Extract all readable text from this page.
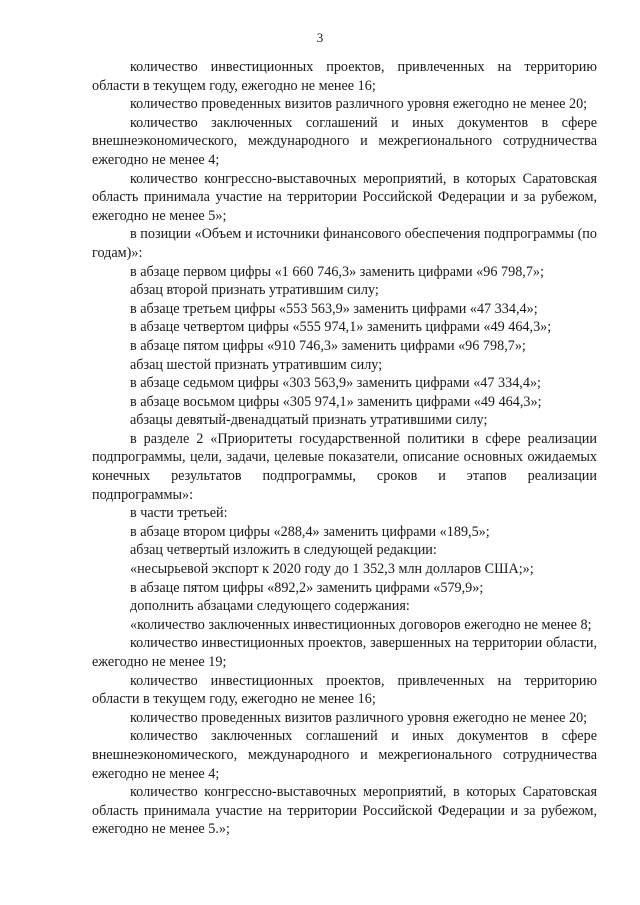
3

количество инвестиционных проектов, привлеченных на территорию области в текущем году, ежегодно не менее 16;

количество проведенных визитов различного уровня ежегодно не менее 20;

количество заключенных соглашений и иных документов в сфере внешнеэкономического, международного и межрегионального сотрудничества ежегодно не менее 4;

количество конгрессно-выставочных мероприятий, в которых Саратовская область принимала участие на территории Российской Федерации и за рубежом, ежегодно не менее 5»;

в позиции «Объем и источники финансового обеспечения подпрограммы (по годам)»:

в абзаце первом цифры «1 660 746,3» заменить цифрами «96 798,7»;

абзац второй признать утратившим силу;

в абзаце третьем цифры «553 563,9» заменить цифрами «47 334,4»;

в абзаце четвертом цифры «555 974,1» заменить цифрами «49 464,3»;

в абзаце пятом цифры «910 746,3» заменить цифрами «96 798,7»;

абзац шестой признать утратившим силу;

в абзаце седьмом цифры «303 563,9» заменить цифрами «47 334,4»;

в абзаце восьмом цифры «305 974,1» заменить цифрами «49 464,3»;

абзацы девятый-двенадцатый признать утратившими силу;

в разделе 2 «Приоритеты государственной политики в сфере реализации подпрограммы, цели, задачи, целевые показатели, описание основных ожидаемых конечных результатов подпрограммы, сроков и этапов реализации подпрограммы»:

в части третьей:

в абзаце втором цифры «288,4» заменить цифрами «189,5»;

абзац четвертый изложить в следующей редакции:

«несырьевой экспорт к 2020 году до 1 352,3 млн долларов США;»;

в абзаце пятом цифры «892,2» заменить цифрами «579,9»;

дополнить абзацами следующего содержания:

«количество заключенных инвестиционных договоров ежегодно не менее 8;

количество инвестиционных проектов, завершенных на территории области, ежегодно не менее 19;

количество инвестиционных проектов, привлеченных на территорию области в текущем году, ежегодно не менее 16;

количество проведенных визитов различного уровня ежегодно не менее 20;

количество заключенных соглашений и иных документов в сфере внешнеэкономического, международного и межрегионального сотрудничества ежегодно не менее 4;

количество конгрессно-выставочных мероприятий, в которых Саратовская область принимала участие на территории Российской Федерации и за рубежом, ежегодно не менее 5.»;
